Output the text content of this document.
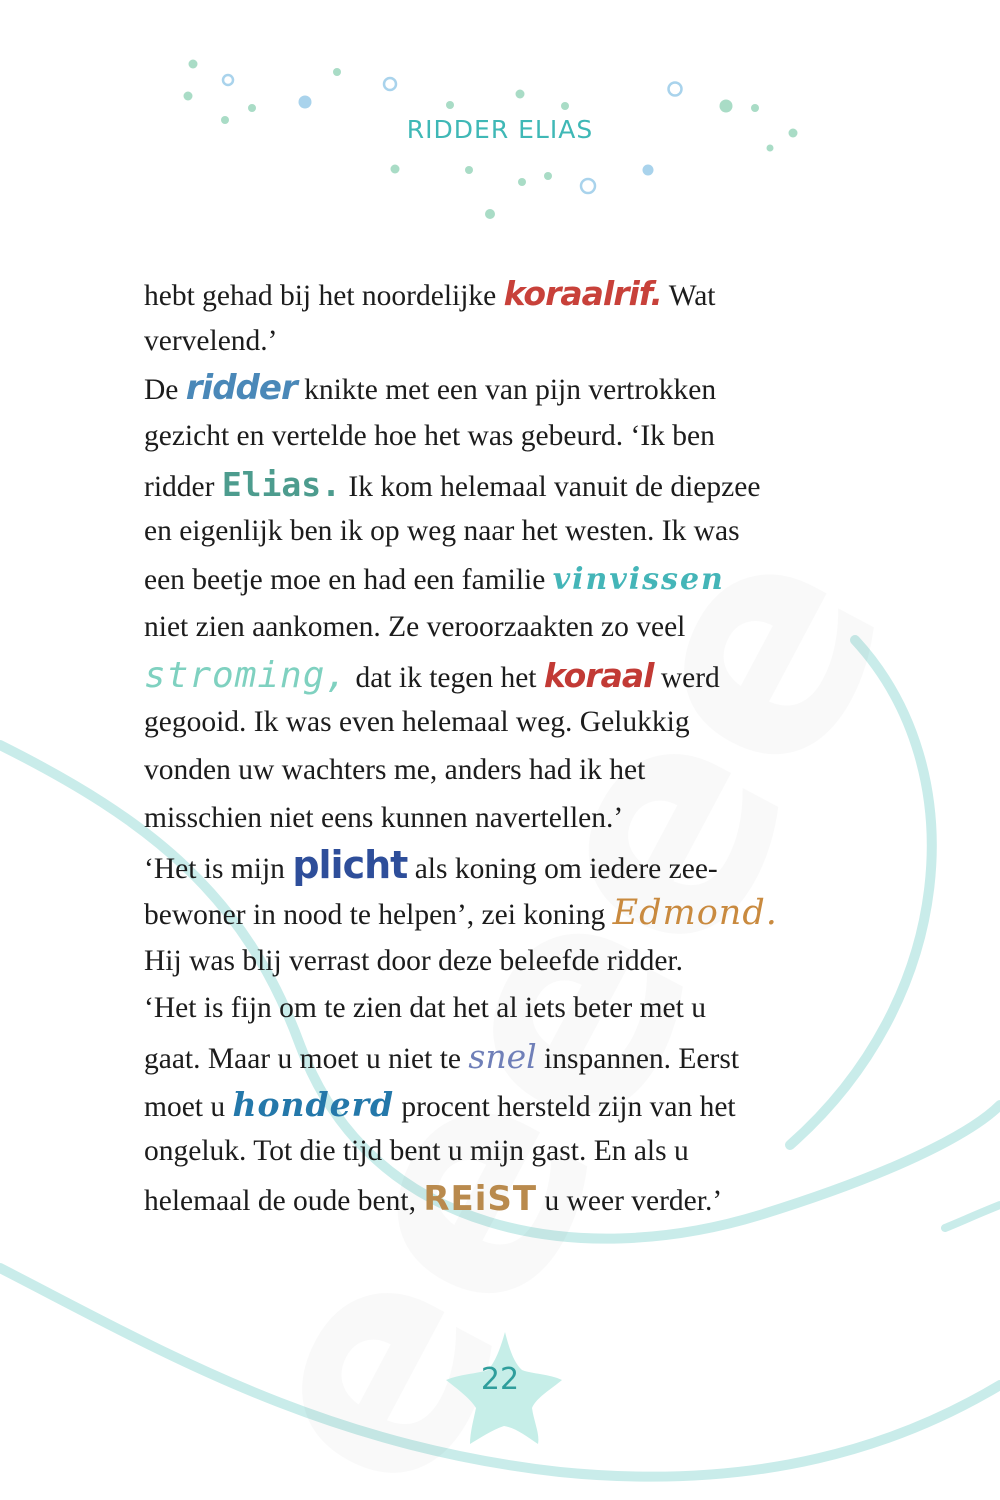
RIDDER ELIAS
hebt gehad bij het noordelijke koraalrif. Wat
vervelend.’
De ridder knikte met een van pijn vertrokken
gezicht en vertelde hoe het was gebeurd. ‘Ik ben
ridder Elias. Ik kom helemaal vanuit de diepzee
en eigenlijk ben ik op weg naar het westen. Ik was
een beetje moe en had een familie vinvissen
niet zien aankomen. Ze veroorzaakten zo veel
stroming, dat ik tegen het koraal werd
gegooid. Ik was even helemaal weg. Gelukkig
vonden uw wachters me, anders had ik het
misschien niet eens kunnen navertellen.’
‘Het is mijn plicht als koning om iedere zee-
bewoner in nood te helpen’, zei koning Edmond.
Hij was blij verrast door deze beleefde ridder.
‘Het is fijn om te zien dat het al iets beter met u
gaat. Maar u moet u niet te snel inspannen. Eerst
moet u honderd procent hersteld zijn van het
ongeluk. Tot die tijd bent u mijn gast. En als u
helemaal de oude bent, REiST u weer verder.’
22
